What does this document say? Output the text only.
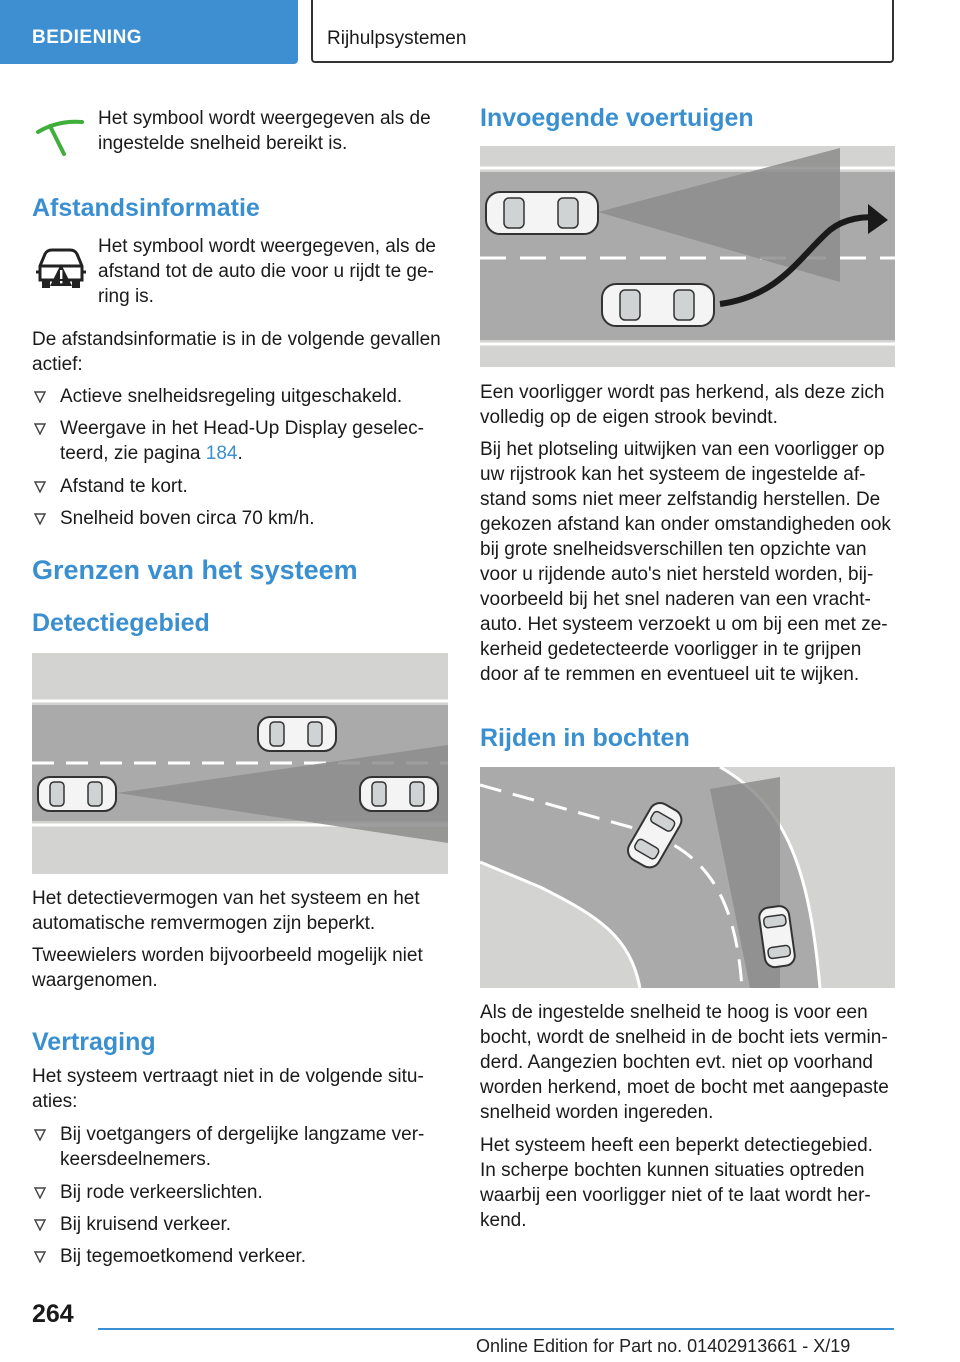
BEDIENING	Rijhulpsystemen
Het symbool wordt weergegeven als de
ingestelde snelheid bereikt is.
Afstandsinformatie
Het symbool wordt weergegeven, als de
afstand tot de auto die voor u rijdt te ge-
ring is.
De afstandsinformatie is in de volgende gevallen
actief:
Actieve snelheidsregeling uitgeschakeld.
Weergave in het Head-Up Display geselec-
teerd, zie pagina 184.
Afstand te kort.
Snelheid boven circa 70 km/h.
Grenzen van het systeem
Detectiegebied
Het detectievermogen van het systeem en het
automatische remvermogen zijn beperkt.
Tweewielers worden bijvoorbeeld mogelijk niet
waargenomen.
Vertraging
Het systeem vertraagt niet in de volgende situ-
aties:
Bij voetgangers of dergelijke langzame ver-
keersdeelnemers.
Bij rode verkeerslichten.
Bij kruisend verkeer.
Bij tegemoetkomend verkeer.
Invoegende voertuigen
Een voorligger wordt pas herkend, als deze zich
volledig op de eigen strook bevindt.
Bij het plotseling uitwijken van een voorligger op
uw rijstrook kan het systeem de ingestelde af-
stand soms niet meer zelfstandig herstellen. De
gekozen afstand kan onder omstandigheden ook
bij grote snelheidsverschillen ten opzichte van
voor u rijdende auto's niet hersteld worden, bij-
voorbeeld bij het snel naderen van een vracht-
auto. Het systeem verzoekt u om bij een met ze-
kerheid gedetecteerde voorligger in te grijpen
door af te remmen en eventueel uit te wijken.
Rijden in bochten
Als de ingestelde snelheid te hoog is voor een
bocht, wordt de snelheid in de bocht iets vermin-
derd. Aangezien bochten evt. niet op voorhand
worden herkend, moet de bocht met aangepaste
snelheid worden ingereden.
Het systeem heeft een beperkt detectiegebied.
In scherpe bochten kunnen situaties optreden
waarbij een voorligger niet of te laat wordt her-
kend.
264
Online Edition for Part no. 01402913661 - X/19
